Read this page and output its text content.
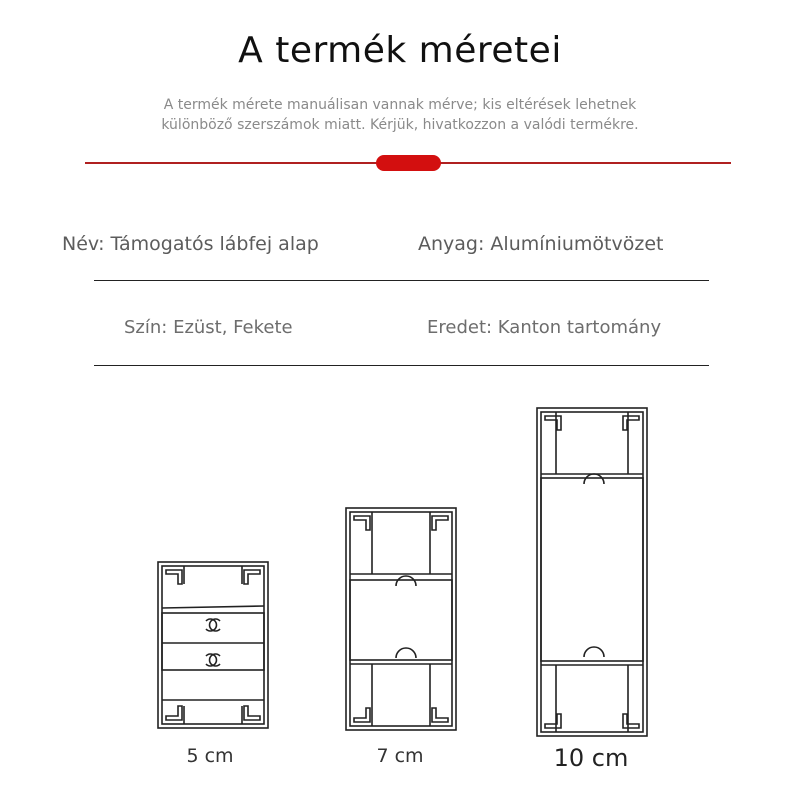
A termék méretei
A termék mérete manuálisan vannak mérve; kis eltérések lehetnek
különböző szerszámok miatt. Kérjük, hivatkozzon a valódi termékre.
Név: Támogatós lábfej alap	Anyag: Alumíniumötvözet
Szín: Ezüst, Fekete	Eredet: Kanton tartomány
5 cm	7 cm	10 cm
